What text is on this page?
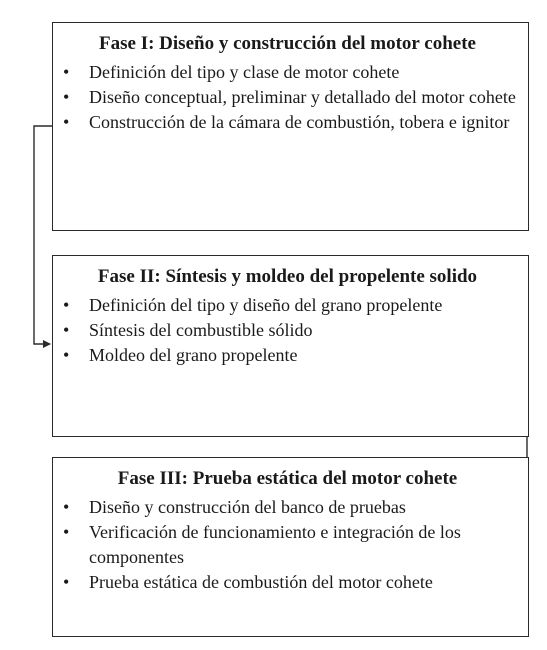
Fase I: Diseño y construcción del motor cohete
• Definición del tipo y clase de motor cohete
• Diseño conceptual, preliminar y detallado del motor cohete
• Construcción de la cámara de combustión, tobera e ignitor
Fase II: Síntesis y moldeo del propelente solido
• Definición del tipo y diseño del grano propelente
• Síntesis del combustible sólido
• Moldeo del grano propelente
Fase III: Prueba estática del motor cohete
• Diseño y construcción del banco de pruebas
• Verificación de funcionamiento e integración de los componentes
• Prueba estática de combustión del motor cohete
